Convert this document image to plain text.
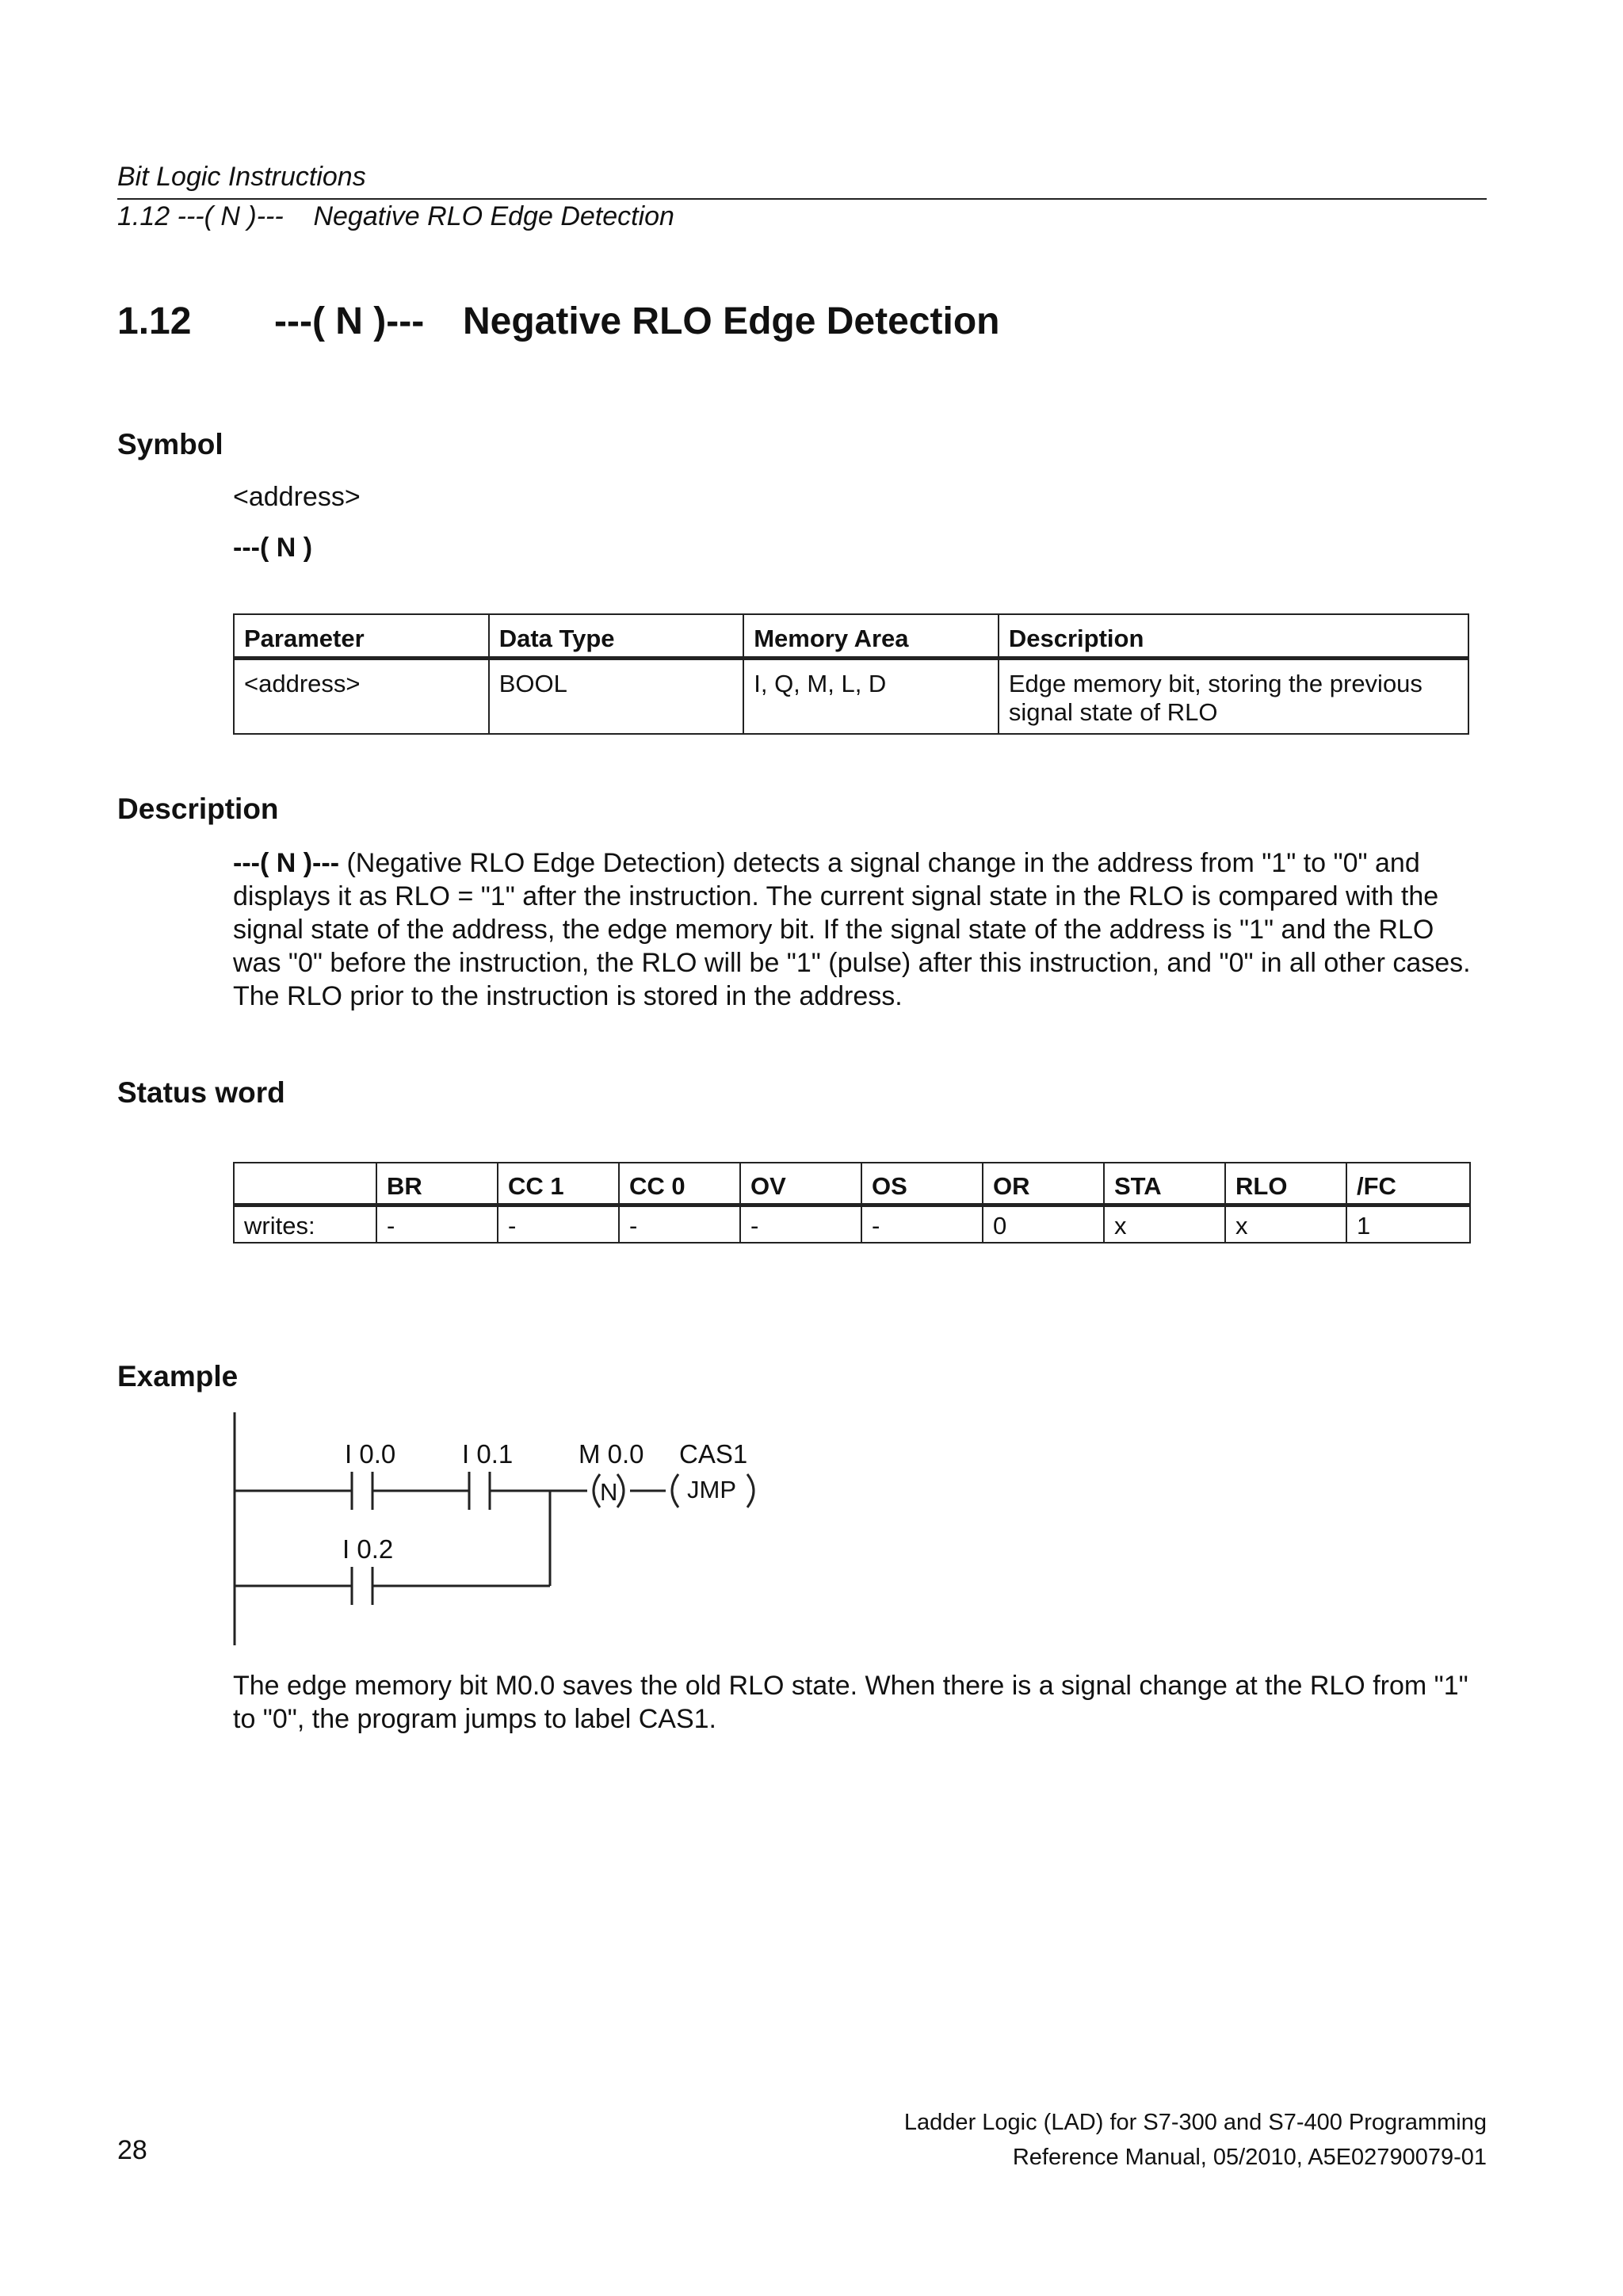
Bit Logic Instructions
1.12 ---( N )--- Negative RLO Edge Detection
1.12 ---( N )--- Negative RLO Edge Detection
Symbol
<address>
---( N )
Parameter	Data Type	Memory Area	Description
<address>	BOOL	I, Q, M, L, D	Edge memory bit, storing the previous signal state of RLO
Description
---( N )--- (Negative RLO Edge Detection) detects a signal change in the address from "1" to "0" and displays it as RLO = "1" after the instruction. The current signal state in the RLO is compared with the signal state of the address, the edge memory bit. If the signal state of the address is "1" and the RLO was "0" before the instruction, the RLO will be "1" (pulse) after this instruction, and "0" in all other cases. The RLO prior to the instruction is stored in the address.
Status word
	BR	CC 1	CC 0	OV	OS	OR	STA	RLO	/FC
writes:	-	-	-	-	-	0	x	x	1
Example
I 0.0	I 0.1	M 0.0 CAS1
I 0.2
N	JMP
The edge memory bit M0.0 saves the old RLO state. When there is a signal change at the RLO from "1" to "0", the program jumps to label CAS1.
28
Ladder Logic (LAD) for S7-300 and S7-400 Programming
Reference Manual, 05/2010, A5E02790079-01
